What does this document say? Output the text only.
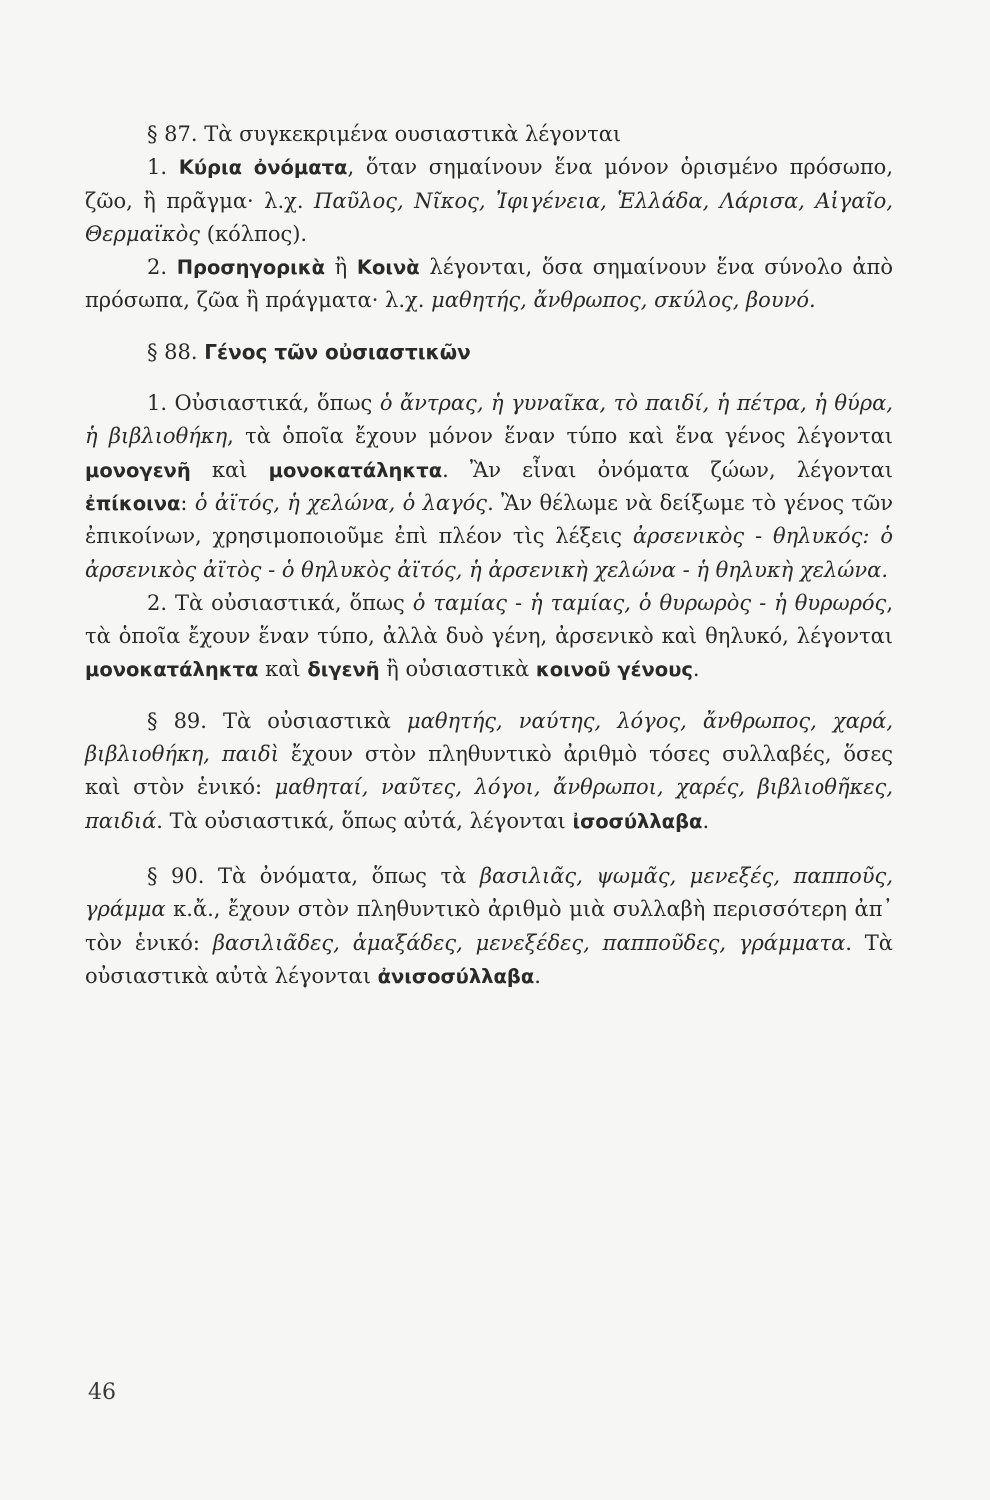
§ 87. Τὰ συγκεκριμένα ουσιαστικὰ λέγονται

1. Κύρια ὀνόματα, ὅταν σημαίνουν ἕνα μόνον ὁρισμένο πρόσωπο, ζῶο, ἢ πρᾶγμα· λ.χ. Παῦλος, Νῖκος, Ἰφιγένεια, Ἑλλάδα, Λάρισα, Αἰγαῖο, Θερμαϊκὸς (κόλπος).

2. Προσηγορικὰ ἢ Κοινὰ λέγονται, ὅσα σημαίνουν ἕνα σύνολο ἀπὸ πρόσωπα, ζῶα ἢ πράγματα· λ.χ. μαθητής, ἄνθρωπος, σκύλος, βουνό.

§ 88. Γένος τῶν οὐσιαστικῶν

1. Οὐσιαστικά, ὅπως ὁ ἄντρας, ἡ γυναῖκα, τὸ παιδί, ἡ πέτρα, ἡ θύρα, ἡ βιβλιοθήκη, τὰ ὁποῖα ἔχουν μόνον ἕναν τύπο καὶ ἕνα γένος λέγονται μονογενῆ καὶ μονοκατάληκτα. Ἂν εἶναι ὀνόματα ζώων, λέγονται ἐπίκοινα: ὁ ἀϊτός, ἡ χελώνα, ὁ λαγός. Ἂν θέλωμε νὰ δείξωμε τὸ γένος τῶν ἐπικοίνων, χρησιμοποιοῦμε ἐπὶ πλέον τὶς λέξεις ἀρσενικὸς - θηλυκός: ὁ ἀρσενικὸς ἀϊτὸς - ὁ θηλυκὸς ἀϊτός, ἡ ἀρσενικὴ χελώνα - ἡ θηλυκὴ χελώνα.

2. Τὰ οὐσιαστικά, ὅπως ὁ ταμίας - ἡ ταμίας, ὁ θυρωρὸς - ἡ θυρωρός, τὰ ὁποῖα ἔχουν ἕναν τύπο, ἀλλὰ δυὸ γένη, ἀρσενικὸ καὶ θηλυκό, λέγονται μονοκατάληκτα καὶ διγενῆ ἢ οὐσιαστικὰ κοινοῦ γένους.

§ 89. Τὰ οὐσιαστικὰ μαθητής, ναύτης, λόγος, ἄνθρωπος, χαρά, βιβλιοθήκη, παιδὶ ἔχουν στὸν πληθυντικὸ ἀριθμὸ τόσες συλλαβές, ὅσες καὶ στὸν ἑνικό: μαθηταί, ναῦτες, λόγοι, ἄνθρωποι, χαρές, βιβλιοθῆκες, παιδιά. Τὰ οὐσιαστικά, ὅπως αὐτά, λέγονται ἰσοσύλλαβα.

§ 90. Τὰ ὀνόματα, ὅπως τὰ βασιλιᾶς, ψωμᾶς, μενεξές, παπποῦς, γράμμα κ.ἄ., ἔχουν στὸν πληθυντικὸ ἀριθμὸ μιὰ συλλαβὴ περισσότερη ἀπ᾽ τὸν ἑνικό: βασιλιᾶδες, ἁμαξάδες, μενεξέδες, παπποῦδες, γράμματα. Τὰ οὐσιαστικὰ αὐτὰ λέγονται ἀνισοσύλλαβα.

46
